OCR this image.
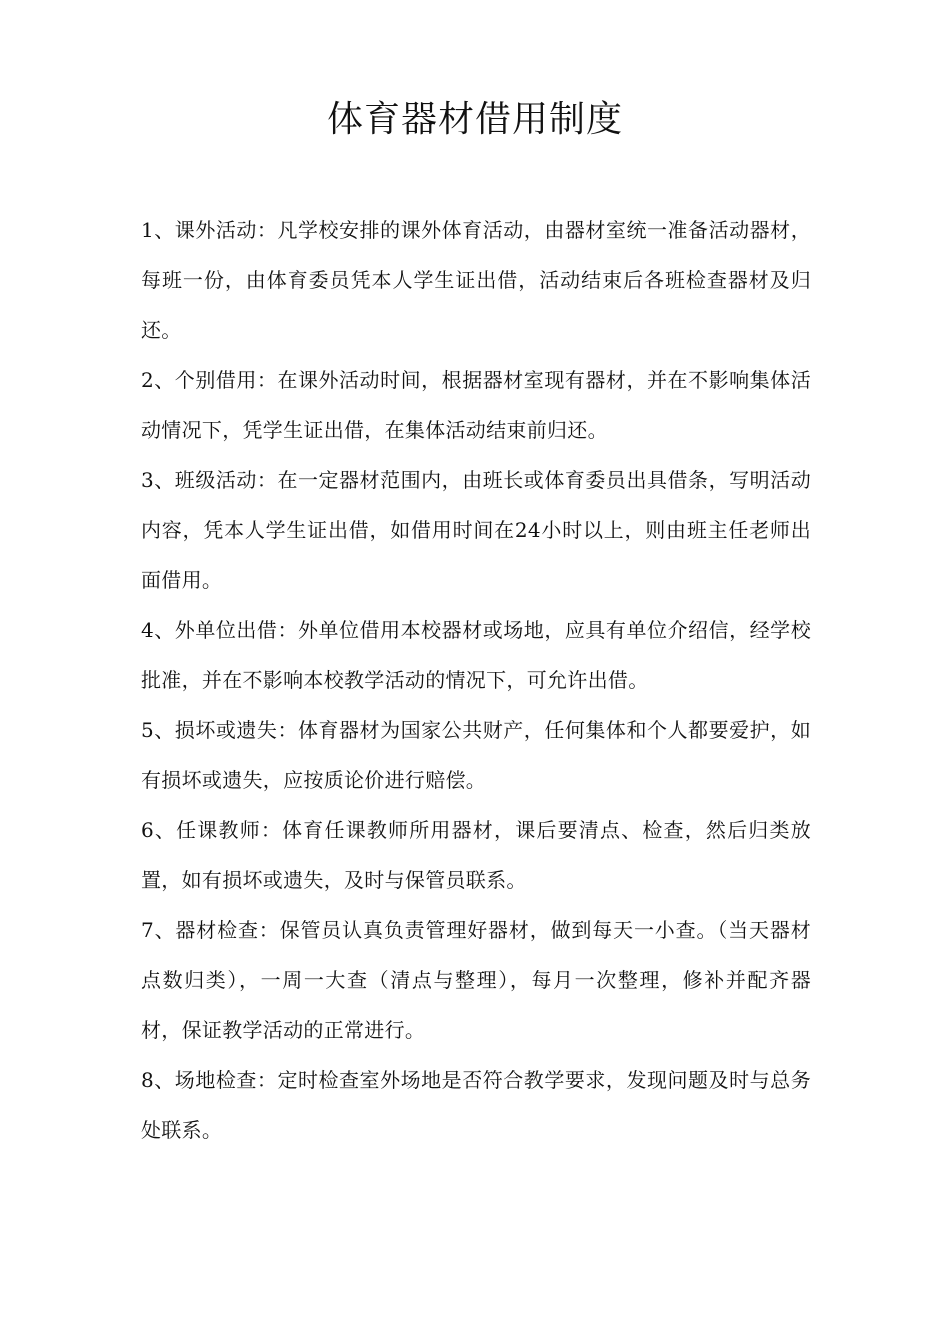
体育器材借用制度

1、课外活动：凡学校安排的课外体育活动，由器材室统一准备活动器材，每班一份，由体育委员凭本人学生证出借，活动结束后各班检查器材及归还。

2、个别借用：在课外活动时间，根据器材室现有器材，并在不影响集体活动情况下，凭学生证出借，在集体活动结束前归还。

3、班级活动：在一定器材范围内，由班长或体育委员出具借条，写明活动内容，凭本人学生证出借，如借用时间在24小时以上，则由班主任老师出面借用。

4、外单位出借：外单位借用本校器材或场地，应具有单位介绍信，经学校批准，并在不影响本校教学活动的情况下，可允许出借。

5、损坏或遗失：体育器材为国家公共财产，任何集体和个人都要爱护，如有损坏或遗失，应按质论价进行赔偿。

6、任课教师：体育任课教师所用器材，课后要清点、检查，然后归类放置，如有损坏或遗失，及时与保管员联系。

7、器材检查：保管员认真负责管理好器材，做到每天一小查。（当天器材点数归类），一周一大查（清点与整理），每月一次整理，修补并配齐器材，保证教学活动的正常进行。

8、场地检查：定时检查室外场地是否符合教学要求，发现问题及时与总务处联系。
